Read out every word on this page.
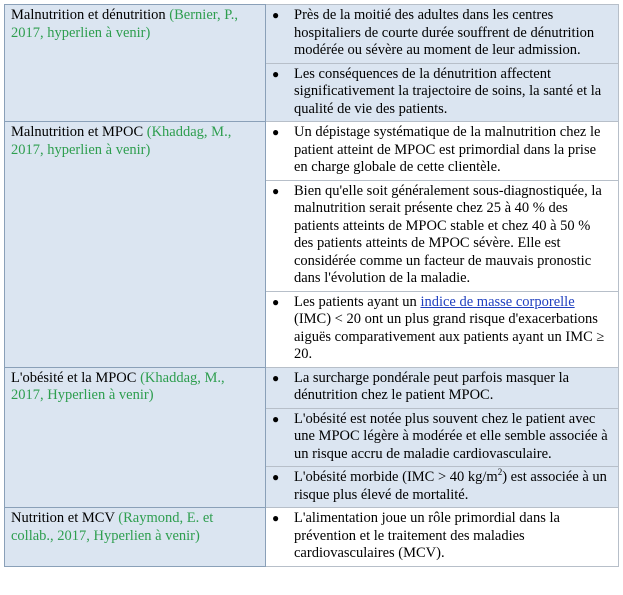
Malnutrition et dénutrition (Bernier, P., 2017, hyperlien à venir)	● Près de la moitié des adultes dans les centres hospitaliers de courte durée souffrent de dénutrition modérée ou sévère au moment de leur admission.

	● Les conséquences de la dénutrition affectent significativement la trajectoire de soins, la santé et la qualité de vie des patients.

Malnutrition et MPOC (Khaddag, M., 2017, hyperlien à venir)	● Un dépistage systématique de la malnutrition chez le patient atteint de MPOC est primordial dans la prise en charge globale de cette clientèle.

	● Bien qu'elle soit généralement sous-diagnostiquée, la malnutrition serait présente chez 25 à 40 % des patients atteints de MPOC stable et chez 40 à 50 % des patients atteints de MPOC sévère. Elle est considérée comme un facteur de mauvais pronostic dans l'évolution de la maladie.

	● Les patients ayant un indice de masse corporelle (IMC) < 20 ont un plus grand risque d'exacerbations aiguës comparativement aux patients ayant un IMC ≥ 20.

L'obésité et la MPOC (Khaddag, M., 2017, Hyperlien à venir)	● La surcharge pondérale peut parfois masquer la dénutrition chez le patient MPOC.

	● L'obésité est notée plus souvent chez le patient avec une MPOC légère à modérée et elle semble associée à un risque accru de maladie cardiovasculaire.

	● L'obésité morbide (IMC > 40 $kg/m^2$) est associée à un risque plus élevé de mortalité.

Nutrition et MCV (Raymond, E. et collab., 2017, Hyperlien à venir)	● L'alimentation joue un rôle primordial dans la prévention et le traitement des maladies cardiovasculaires (MCV).
